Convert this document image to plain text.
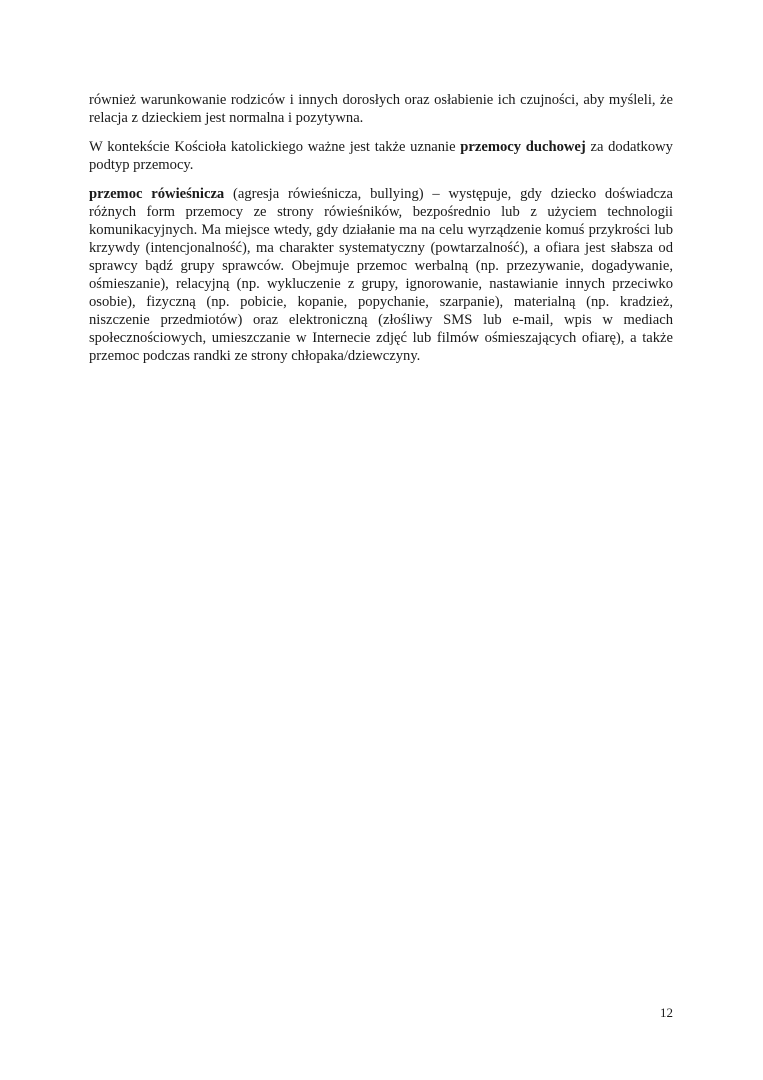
również warunkowanie rodziców i innych dorosłych oraz osłabienie ich czujności, aby myśleli, że relacja z dzieckiem jest normalna i pozytywna.

W kontekście Kościoła katolickiego ważne jest także uznanie przemocy duchowej za dodatkowy podtyp przemocy.

przemoc rówieśnicza (agresja rówieśnicza, bullying) – występuje, gdy dziecko doświadcza różnych form przemocy ze strony rówieśników, bezpośrednio lub z użyciem technologii komunikacyjnych. Ma miejsce wtedy, gdy działanie ma na celu wyrządzenie komuś przykrości lub krzywdy (intencjonalność), ma charakter systematyczny (powtarzalność), a ofiara jest słabsza od sprawcy bądź grupy sprawców. Obejmuje przemoc werbalną (np. przezywanie, dogadywanie, ośmieszanie), relacyjną (np. wykluczenie z grupy, ignorowanie, nastawianie innych przeciwko osobie), fizyczną (np. pobicie, kopanie, popychanie, szarpanie), materialną (np. kradzież, niszczenie przedmiotów) oraz elektroniczną (złośliwy SMS lub e-mail, wpis w mediach społecznościowych, umieszczanie w Internecie zdjęć lub filmów ośmieszających ofiarę), a także przemoc podczas randki ze strony chłopaka/dziewczyny.

12
